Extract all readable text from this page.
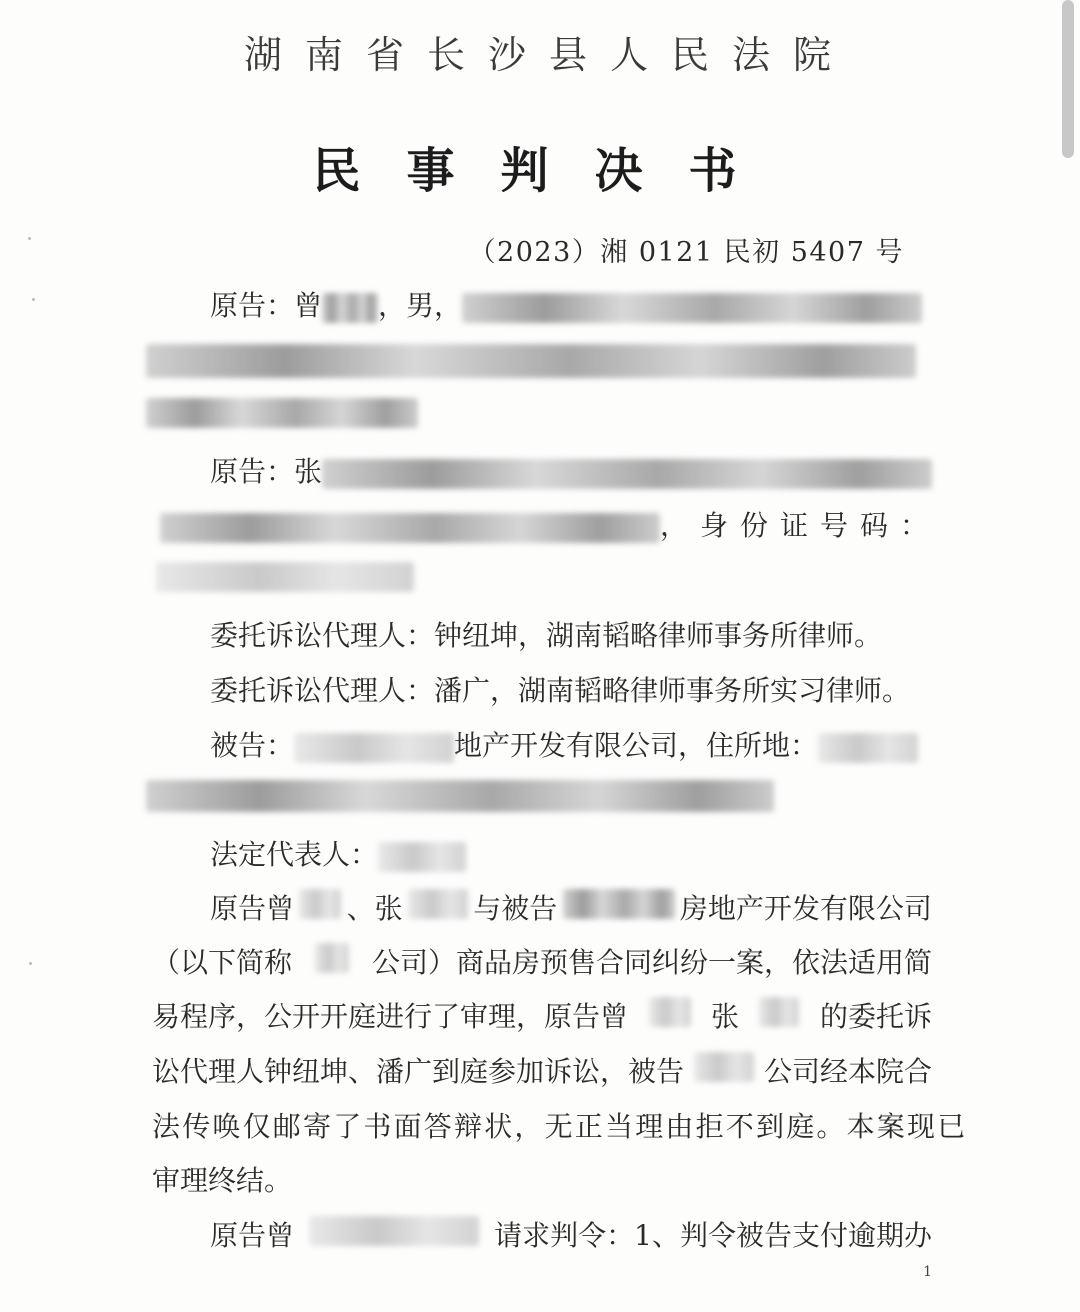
湖南省长沙县人民法院
民事判决书
（2023）湘 0121 民初 5407 号
原告：曾 ，男，
原告：张
，身份证号码：
委托诉讼代理人：钟纽坤，湖南韬略律师事务所律师。
委托诉讼代理人：潘广，湖南韬略律师事务所实习律师。
被告：	地产开发有限公司，住所地：
法定代表人：
原告曾 、张	与被告	房地产开发有限公司
（以下简称	公司）商品房预售合同纠纷一案，依法适用简
易程序，公开开庭进行了审理，原告曾	张	的委托诉
讼代理人钟纽坤、潘广到庭参加诉讼，被告	公司经本院合
法传唤仅邮寄了书面答辩状，无正当理由拒不到庭。本案现已
审理终结。
原告曾	请求判令：1、判令被告支付逾期办
1
